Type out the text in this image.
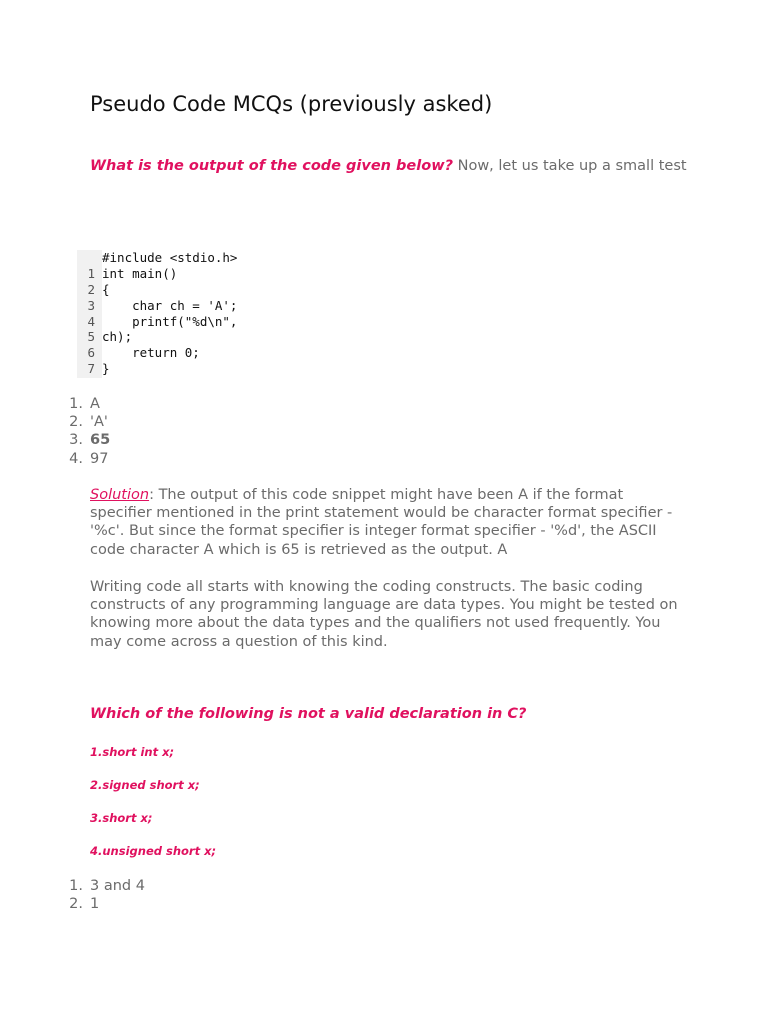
Pseudo Code MCQs (previously asked)

What is the output of the code given below? Now, let us take up a small test

#include <stdio.h>
1 int main()
2 {
3 char ch = 'A';
4 printf("%d\n",
5 ch);
6 return 0;
7 }
1. A
2. 'A'
3. 65
4. 97

Solution: The output of this code snippet might have been A if the format specifier mentioned in the print statement would be character format specifier - '%c'. But since the format specifier is integer format specifier - '%d', the ASCII code character A which is 65 is retrieved as the output. A

Writing code all starts with knowing the coding constructs. The basic coding constructs of any programming language are data types. You might be tested on knowing more about the data types and the qualifiers not used frequently. You may come across a question of this kind.

Which of the following is not a valid declaration in C?

1.short int x;

2.signed short x;

3.short x;

4.unsigned short x;

1. 3 and 4
2. 1
